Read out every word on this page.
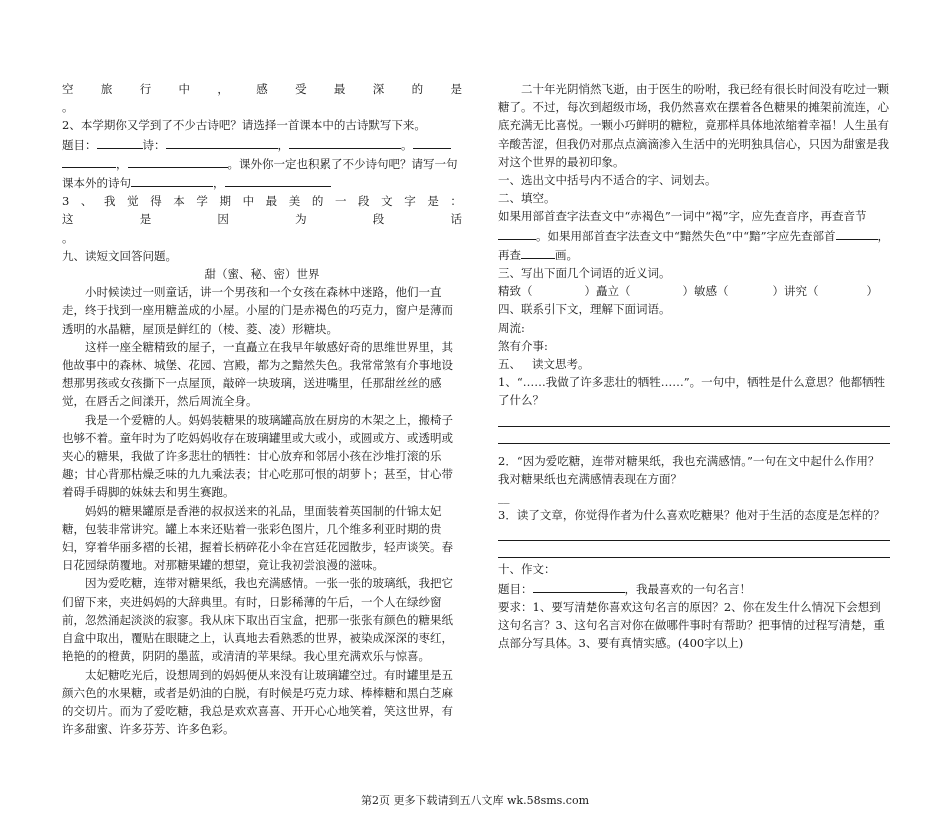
空 旅 行 中 ， 感 受 最 深 的 是

。

2、本学期你又学到了不少古诗吧？请选择一首课本中的古诗默写下来。

题目：	诗：	，	。
，	。课外你一定也积累了不少诗句吧？请写一句课本外的诗句	，

3 、 我 觉 得 本 学 期 中 最 美 的 一 段 文 字 是 ：
这	是	因	为	段	话

。

九、读短文回答问题。

甜（蜜、秘、密）世界

小时候读过一则童话，讲一个男孩和一个女孩在森林中迷路，他们一直走，终于找到一座用糖盖成的小屋。小屋的门是赤褐色的巧克力，窗户是薄而透明的水晶糖，屋顶是鲜红的（棱、菱、凌）形糖块。

这样一座全糖精致的屋子，一直矗立在我早年敏感好奇的思维世界里，其他故事中的森林、城堡、花园、宫殿，都为之黯然失色。我常常煞有介事地设想那男孩或女孩撕下一点屋顶，敲碎一块玻璃，送进嘴里，任那甜丝丝的感觉，在唇舌之间漾开，然后周流全身。

我是一个爱糖的人。妈妈装糖果的玻璃罐高放在厨房的木架之上，搬椅子也够不着。童年时为了吃妈妈收存在玻璃罐里或大或小，或圆或方、或透明或夹心的糖果，我做了许多悲壮的牺牲：甘心放弃和邻居小孩在沙堆打滚的乐趣；甘心背那枯燥乏味的九九乘法表；甘心吃那可恨的胡萝卜；甚至，甘心带着碍手碍脚的妹妹去和男生赛跑。

妈妈的糖果罐原是香港的叔叔送来的礼品，里面装着英国制的什锦太妃糖，包装非常讲究。罐上本来还贴着一张彩色图片，几个维多利亚时期的贵妇，穿着华丽多褶的长裙，握着长柄碎花小伞在宫廷花园散步，轻声谈笑。春日花园绿荫覆地。对那糖果罐的想望，竟让我初尝浪漫的滋味。

因为爱吃糖，连带对糖果纸，我也充满感情。一张一张的玻璃纸，我把它们留下来，夹进妈妈的大辞典里。有时，日影稀薄的午后，一个人在绿纱窗前，忽然涌起淡淡的寂寥。我从床下取出百宝盒，把那一张张有颜色的糖果纸自盒中取出，覆贴在眼睫之上，认真地去看熟悉的世界，被染成深深的枣红，艳艳的的橙黄，阴阴的墨蓝，或清清的苹果绿。我心里充满欢乐与惊喜。

太妃糖吃光后，设想周到的妈妈便从来没有让玻璃罐空过。有时罐里是五颜六色的水果糖，或者是奶油的白脱，有时候是巧克力球、棒棒糖和黑白芝麻的交切片。而为了爱吃糖，我总是欢欢喜喜、开开心心地笑着，笑这世界，有许多甜蜜、许多芬芳、许多色彩。

二十年光阴悄然飞逝，由于医生的吩咐，我已经有很长时间没有吃过一颗糖了。不过，每次到超级市场，我仍然喜欢在摆着各色糖果的摊架前流连，心底充满无比喜悦。一颗小巧鲜明的糖粒，竟那样具体地浓缩着幸福！人生虽有辛酸苦涩，但我仍对那点点滴滴渗入生活中的光明独具信心，只因为甜蜜是我对这个世界的最初印象。

一、选出文中括号内不适合的字、词划去。

二、填空。

如果用部首查字法查文中“赤褐色”一词中“褐”字，应先查音序，再查音节。如果用部首查字法查文中“黯然失色”中“黯”字应先查部首	，再查	画。

三、写出下面几个词语的近义词。

精致（	）矗立（	）敏感（	）讲究（	）

四、联系引下文，理解下面词语。

周流:

煞有介事:

五、   读文思考。

1、“……我做了许多悲壮的牺牲……”。一句中，牺牲是什么意思？他都牺牲了什么？

2．“因为爱吃糖，连带对糖果纸，我也充满感情。”一句在文中起什么作用？我对糖果纸也充满感情表现在方面？

__

3．读了文章，你觉得作者为什么喜欢吃糖果？他对于生活的态度是怎样的？

十、作文：

题目：	，我最喜欢的一句名言！

要求：1、要写清楚你喜欢这句名言的原因？2、你在发生什么情况下会想到这句名言？3、这句名言对你在做哪件事时有帮助？把事情的过程写清楚，重点部分写具体。3、要有真情实感。(400字以上)

第2页 更多下载请到五八文库 wk.58sms.com
